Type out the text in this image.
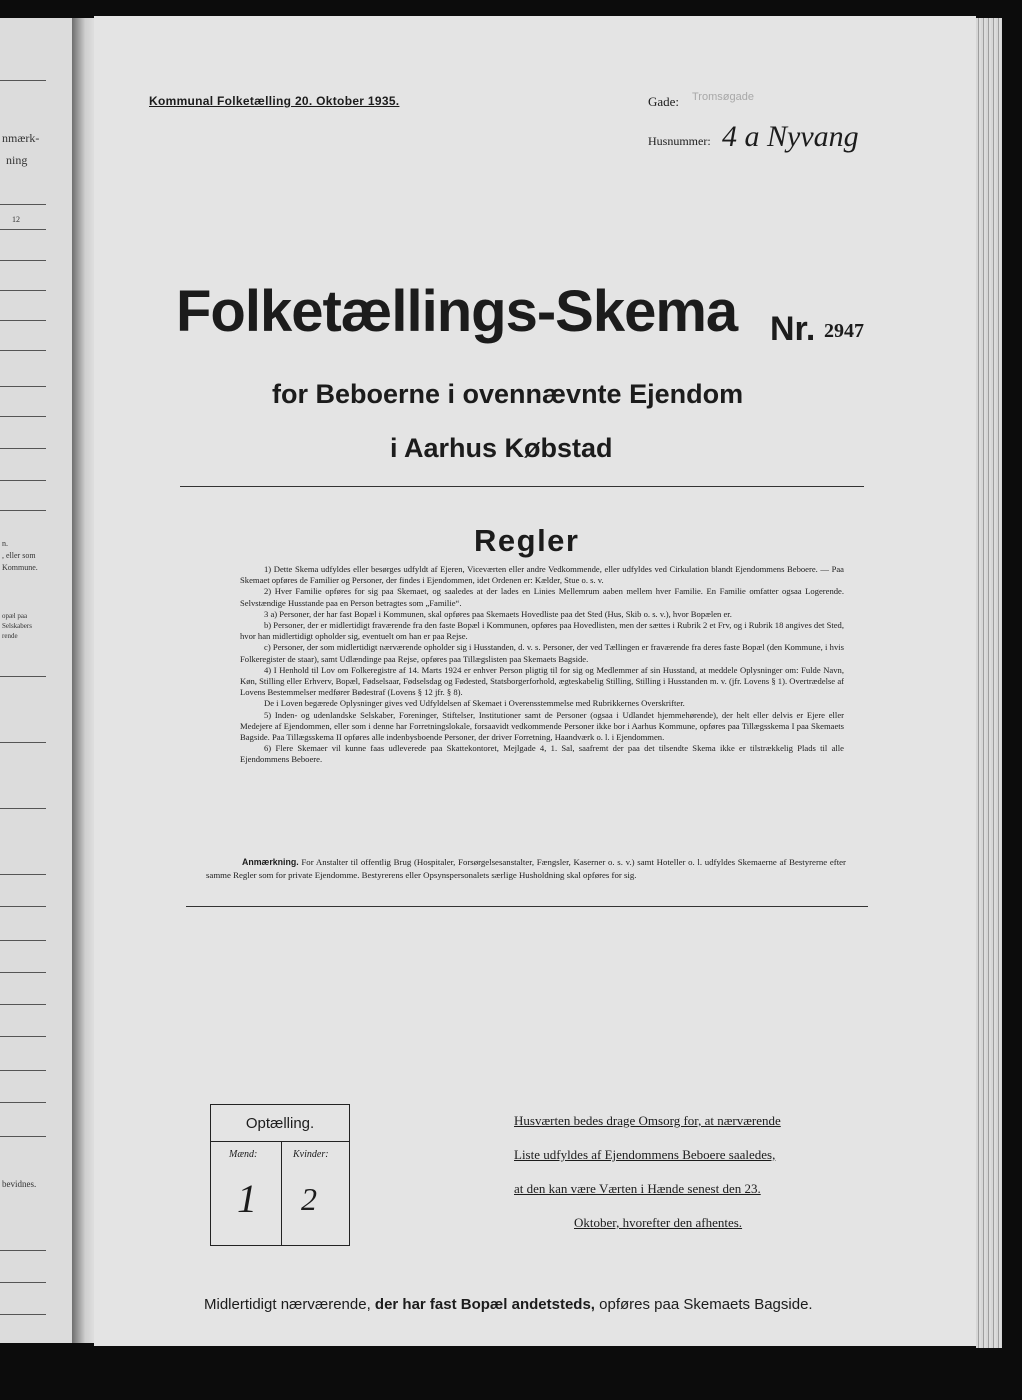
nmærk-
ning
12
n.
, eller som
Kommune.
opæl paa
Selskabers
rende
bevidnes.
Kommunal Folketælling 20. Oktober 1935.	Gade: Tromsøgade
Husnummer: 4 a Nyvang
Folketællings-Skema Nr. 2947
for Beboerne i ovennævnte Ejendom
i Aarhus Købstad
Regler

1) Dette Skema udfyldes eller besørges udfyldt af Ejeren, Viceværten eller andre Vedkommende, eller udfyldes ved Cirkulation blandt Ejendommens Beboere. — Paa Skemaet opføres de Familier og Personer, der findes i Ejendommen, idet Ordenen er: Kælder, Stue o. s. v.

2) Hver Familie opføres for sig paa Skemaet, og saaledes at der lades en Linies Mellemrum aaben mellem hver Familie. En Familie omfatter ogsaa Logerende. Selvstændige Husstande paa en Person betragtes som „Familie“.

3 a) Personer, der har fast Bopæl i Kommunen, skal opføres paa Skemaets Hovedliste paa det Sted (Hus, Skib o. s. v.), hvor Bopælen er.

b) Personer, der er midlertidigt fraværende fra den faste Bopæl i Kommunen, opføres paa Hovedlisten, men der sættes i Rubrik 2 et Frv, og i Rubrik 18 angives det Sted, hvor han midlertidigt opholder sig, eventuelt om han er paa Rejse.

c) Personer, der som midlertidigt nærværende opholder sig i Husstanden, d. v. s. Personer, der ved Tællingen er fraværende fra deres faste Bopæl (den Kommune, i hvis Folkeregister de staar), samt Udlændinge paa Rejse, opføres paa Tillægslisten paa Skemaets Bagside.

4) I Henhold til Lov om Folkeregistre af 14. Marts 1924 er enhver Person pligtig til for sig og Medlemmer af sin Husstand, at meddele Oplysninger om: Fulde Navn, Køn, Stilling eller Erhverv, Bopæl, Fødselsaar, Fødselsdag og Fødested, Statsborgerforhold, ægteskabelig Stilling, Stilling i Husstanden m. v. (jfr. Lovens § 1). Overtrædelse af Lovens Bestemmelser medfører Bødestraf (Lovens § 12 jfr. § 8).

De i Loven begærede Oplysninger gives ved Udfyldelsen af Skemaet i Overensstemmelse med Rubrikkernes Overskrifter.

5) Inden- og udenlandske Selskaber, Foreninger, Stiftelser, Institutioner samt de Personer (ogsaa i Udlandet hjemmehørende), der helt eller delvis er Ejere eller Medejere af Ejendommen, eller som i denne har Forretningslokale, forsaavidt vedkommende Personer ikke bor i Aarhus Kommune, opføres paa Tillægsskema I paa Skemaets Bagside. Paa Tillægsskema II opføres alle indenbysboende Personer, der driver Forretning, Haandværk o. l. i Ejendommen.

6) Flere Skemaer vil kunne faas udleverede paa Skattekontoret, Mejlgade 4, 1. Sal, saafremt der paa det tilsendte Skema ikke er tilstrækkelig Plads til alle Ejendommens Beboere.

Anmærkning. For Anstalter til offentlig Brug (Hospitaler, Forsørgelsesanstalter, Fængsler, Kaserner o. s. v.) samt Hoteller o. l. udfyldes Skemaerne af Bestyrerne efter samme Regler som for private Ejendomme. Bestyrerens eller Opsynspersonalets særlige Husholdning skal opføres for sig.
Optælling.
Mænd:	Kvinder:
1 2
Husværten bedes drage Omsorg for, at nærværende
Liste udfyldes af Ejendommens Beboere saaledes,
at den kan være Værten i Hænde senest den 23.
Oktober, hvorefter den afhentes.
Midlertidigt nærværende, der har fast Bopæl andetsteds, opføres paa Skemaets Bagside.
